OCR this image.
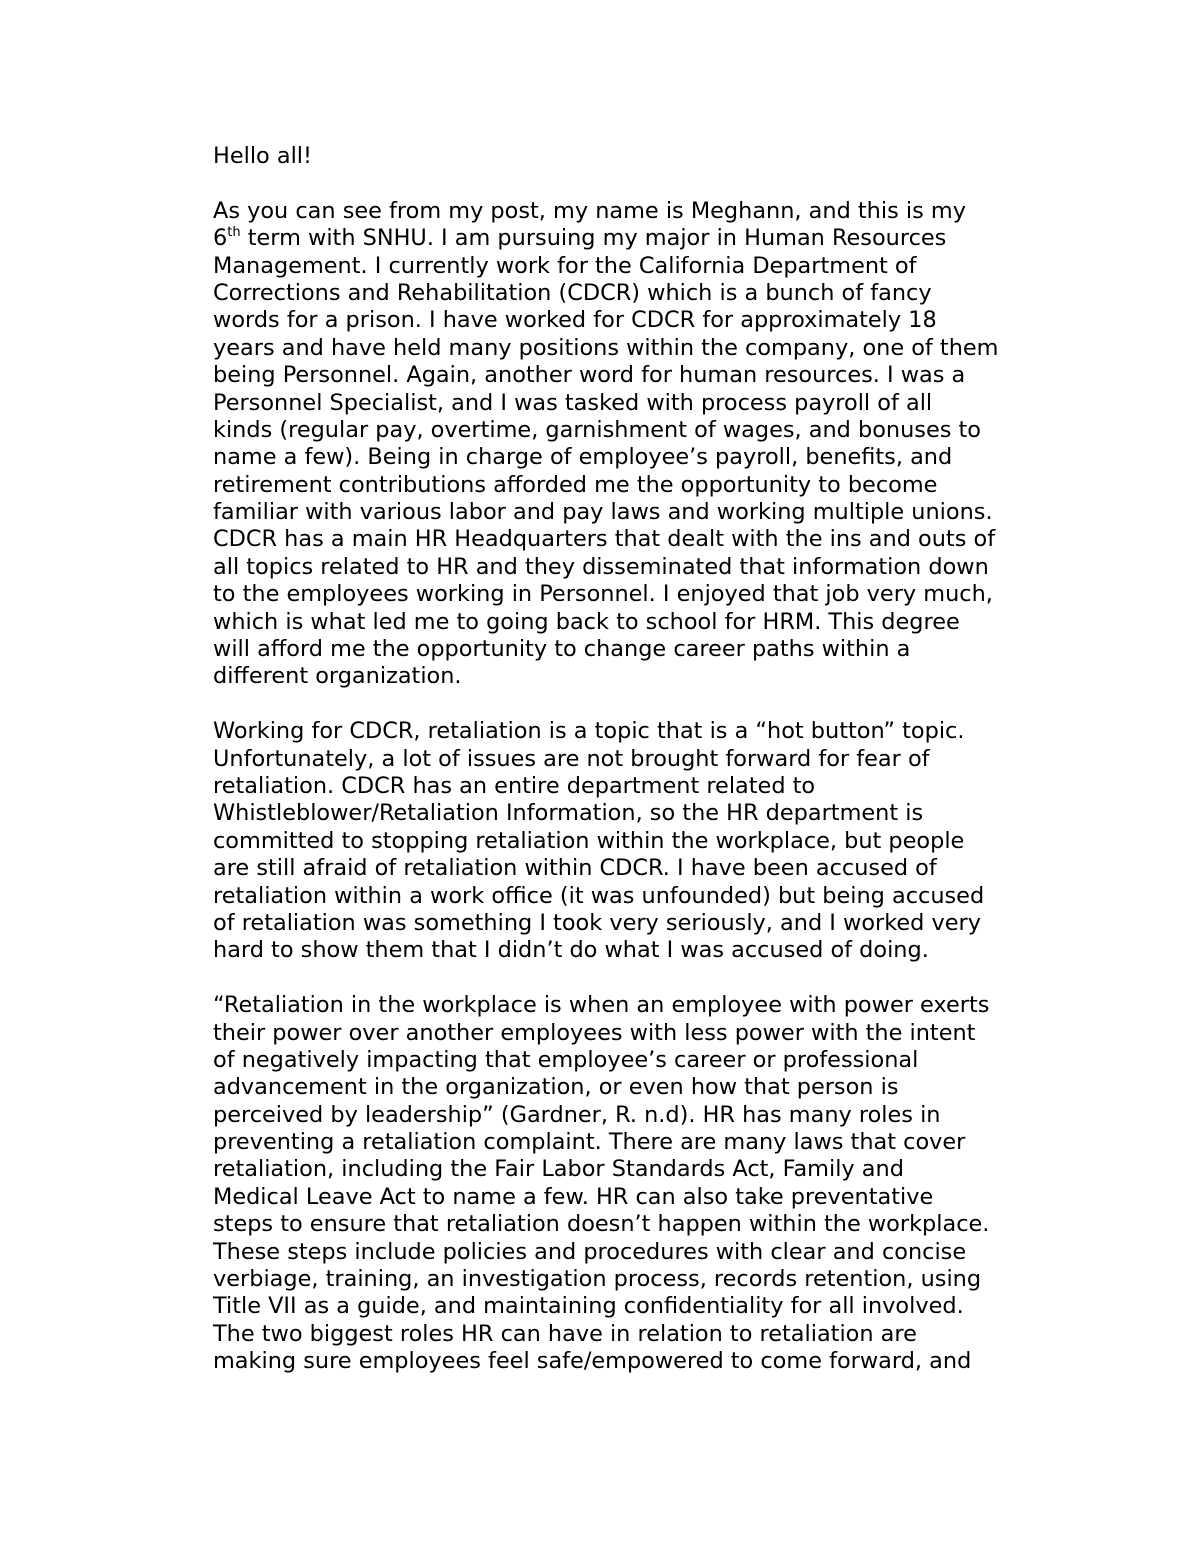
Hello all!
As you can see from my post, my name is Meghann, and this is my
6th term with SNHU. I am pursuing my major in Human Resources
Management. I currently work for the California Department of
Corrections and Rehabilitation (CDCR) which is a bunch of fancy
words for a prison. I have worked for CDCR for approximately 18
years and have held many positions within the company, one of them
being Personnel. Again, another word for human resources. I was a
Personnel Specialist, and I was tasked with process payroll of all
kinds (regular pay, overtime, garnishment of wages, and bonuses to
name a few). Being in charge of employee’s payroll, benefits, and
retirement contributions afforded me the opportunity to become
familiar with various labor and pay laws and working multiple unions.
CDCR has a main HR Headquarters that dealt with the ins and outs of
all topics related to HR and they disseminated that information down
to the employees working in Personnel. I enjoyed that job very much,
which is what led me to going back to school for HRM. This degree
will afford me the opportunity to change career paths within a
different organization.
Working for CDCR, retaliation is a topic that is a “hot button” topic.
Unfortunately, a lot of issues are not brought forward for fear of
retaliation. CDCR has an entire department related to
Whistleblower/Retaliation Information, so the HR department is
committed to stopping retaliation within the workplace, but people
are still afraid of retaliation within CDCR. I have been accused of
retaliation within a work office (it was unfounded) but being accused
of retaliation was something I took very seriously, and I worked very
hard to show them that I didn’t do what I was accused of doing.
“Retaliation in the workplace is when an employee with power exerts
their power over another employees with less power with the intent
of negatively impacting that employee’s career or professional
advancement in the organization, or even how that person is
perceived by leadership” (Gardner, R. n.d). HR has many roles in
preventing a retaliation complaint. There are many laws that cover
retaliation, including the Fair Labor Standards Act, Family and
Medical Leave Act to name a few. HR can also take preventative
steps to ensure that retaliation doesn’t happen within the workplace.
These steps include policies and procedures with clear and concise
verbiage, training, an investigation process, records retention, using
Title VII as a guide, and maintaining confidentiality for all involved.
The two biggest roles HR can have in relation to retaliation are
making sure employees feel safe/empowered to come forward, and
